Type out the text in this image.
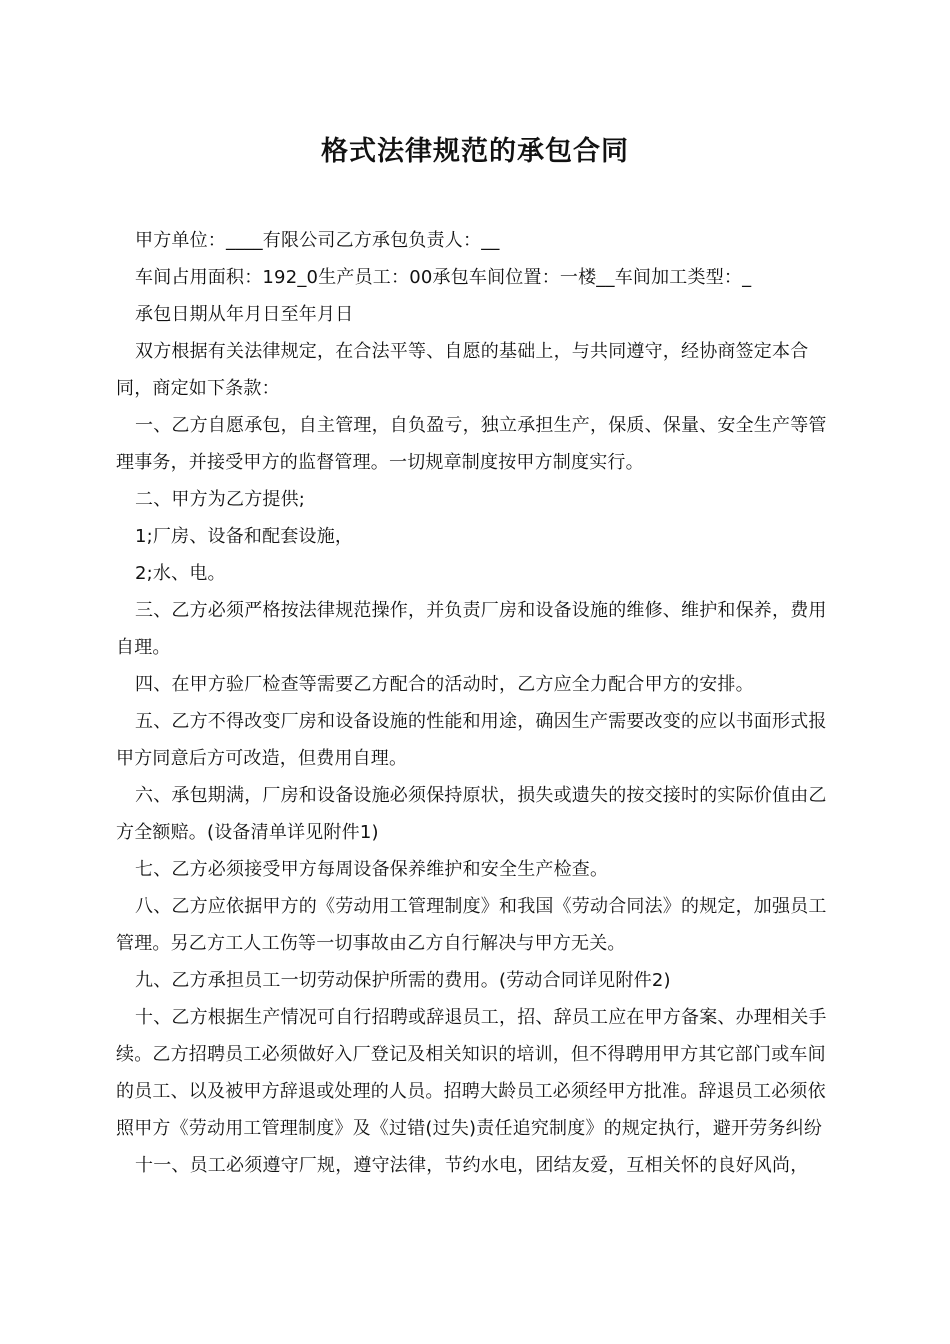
格式法律规范的承包合同

甲方单位：____有限公司乙方承包负责人：__

车间占用面积：192_0生产员工：00承包车间位置：一楼__车间加工类型：_

承包日期从年月日至年月日

双方根据有关法律规定，在合法平等、自愿的基础上，与共同遵守，经协商签定本合同，商定如下条款：

一、乙方自愿承包，自主管理，自负盈亏，独立承担生产，保质、保量、安全生产等管理事务，并接受甲方的监督管理。一切规章制度按甲方制度实行。

二、甲方为乙方提供;

1;厂房、设备和配套设施，

2;水、电。

三、乙方必须严格按法律规范操作，并负责厂房和设备设施的维修、维护和保养，费用自理。

四、在甲方验厂检查等需要乙方配合的活动时，乙方应全力配合甲方的安排。

五、乙方不得改变厂房和设备设施的性能和用途，确因生产需要改变的应以书面形式报甲方同意后方可改造，但费用自理。

六、承包期满，厂房和设备设施必须保持原状，损失或遗失的按交接时的实际价值由乙方全额赔。(设备清单详见附件1)

七、乙方必须接受甲方每周设备保养维护和安全生产检查。

八、乙方应依据甲方的《劳动用工管理制度》和我国《劳动合同法》的规定，加强员工管理。另乙方工人工伤等一切事故由乙方自行解决与甲方无关。

九、乙方承担员工一切劳动保护所需的费用。(劳动合同详见附件2)

十、乙方根据生产情况可自行招聘或辞退员工，招、辞员工应在甲方备案、办理相关手续。乙方招聘员工必须做好入厂登记及相关知识的培训，但不得聘用甲方其它部门或车间的员工、以及被甲方辞退或处理的人员。招聘大龄员工必须经甲方批准。辞退员工必须依照甲方《劳动用工管理制度》及《过错(过失)责任追究制度》的规定执行，避开劳务纠纷

十一、员工必须遵守厂规，遵守法律，节约水电，团结友爱，互相关怀的良好风尚，
